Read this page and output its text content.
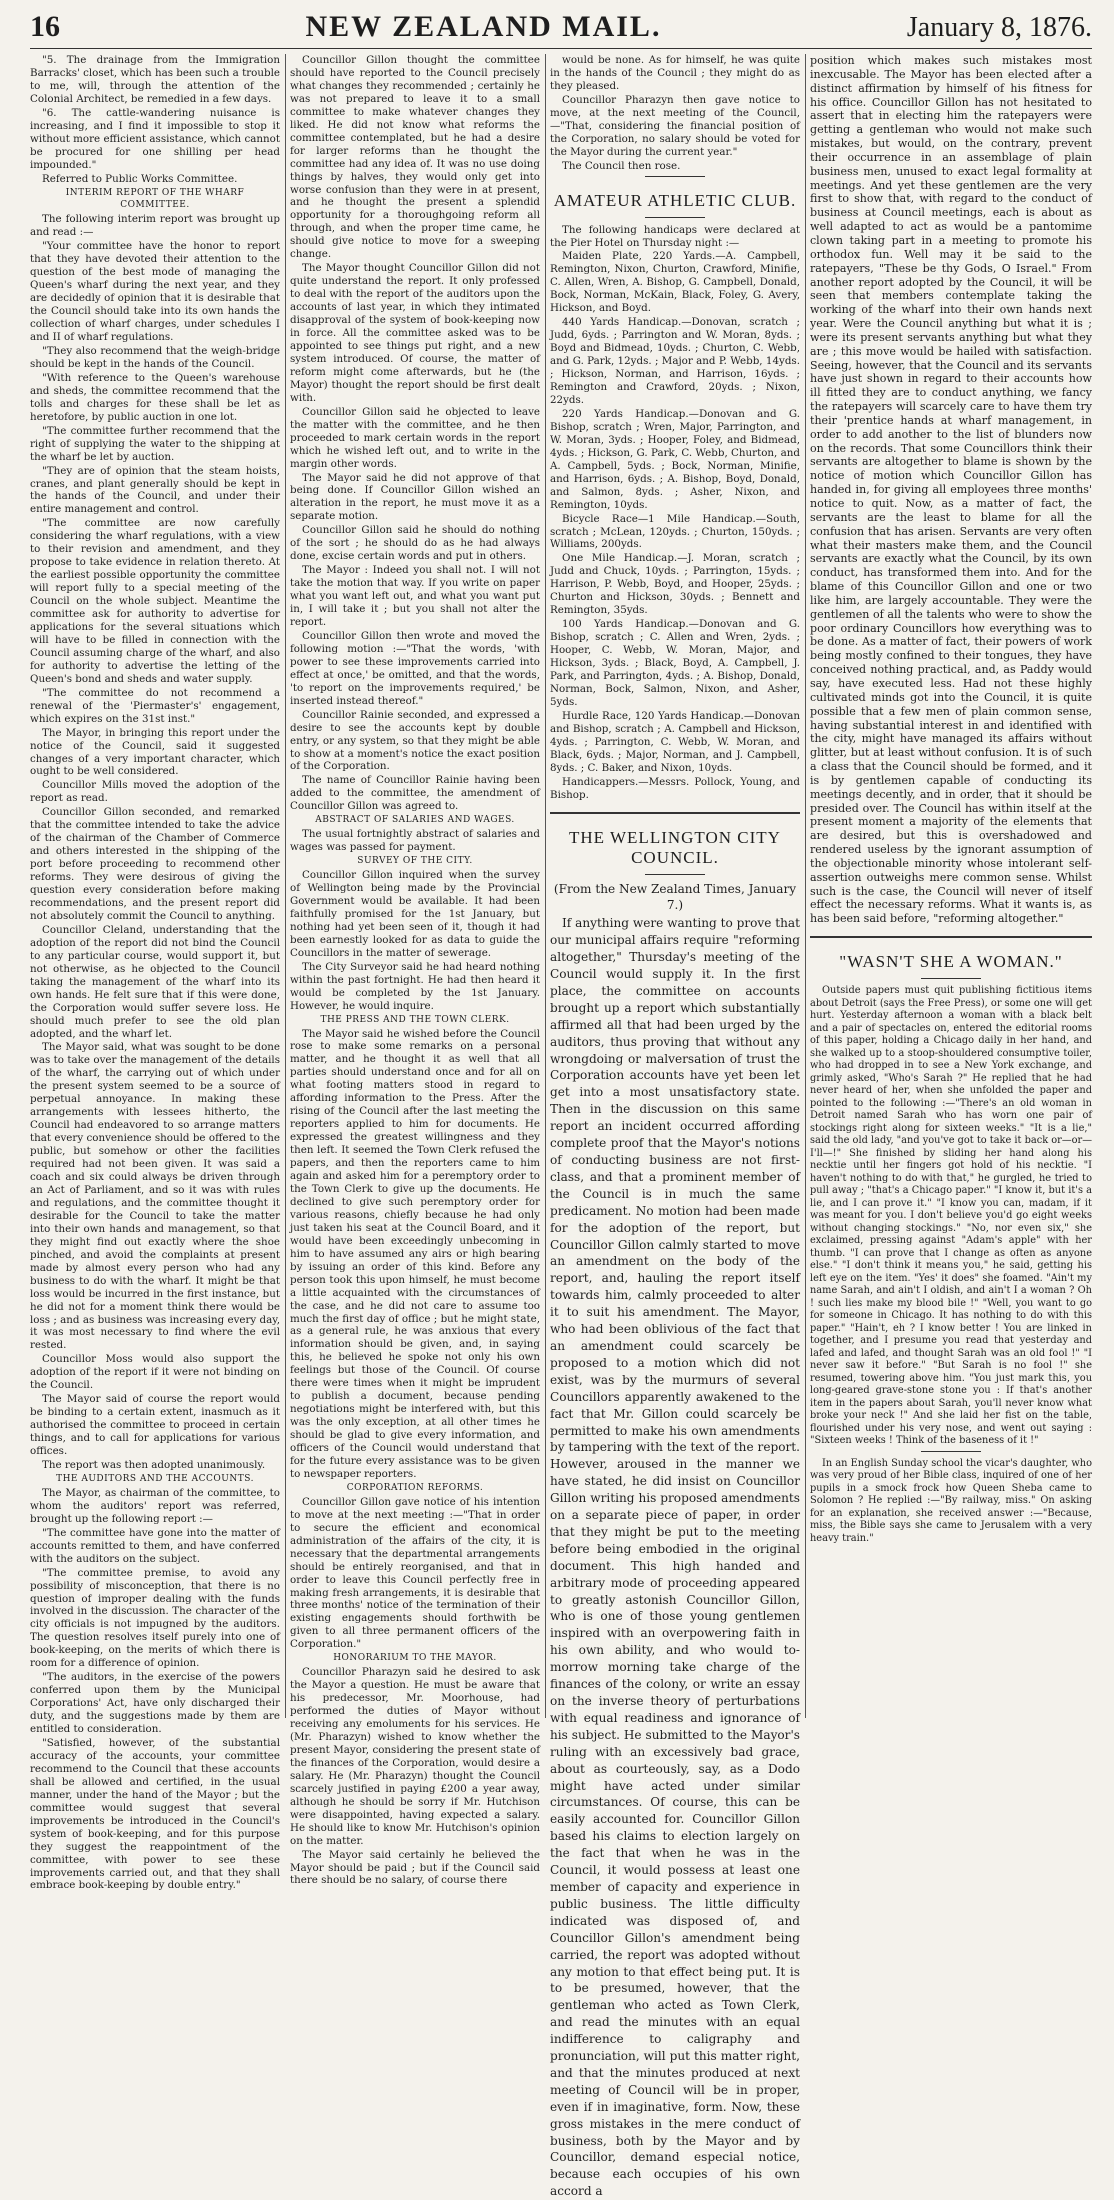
16	NEW ZEALAND MAIL.	January 8, 1876.

"5. The drainage from the Immigration Barracks' closet, which has been such a trouble to me, will, through the attention of the Colonial Architect, be remedied in a few days.

"6. The cattle-wandering nuisance is increasing, and I find it impossible to stop it without more efficient assistance, which cannot be procured for one shilling per head impounded."

Referred to Public Works Committee.

INTERIM REPORT OF THE WHARF COMMITTEE.

The following interim report was brought up and read :—

"Your committee have the honor to report that they have devoted their attention to the question of the best mode of managing the Queen's wharf during the next year, and they are decidedly of opinion that it is desirable that the Council should take into its own hands the collection of wharf charges, under schedules I and II of wharf regulations.

"They also recommend that the weigh-bridge should be kept in the hands of the Council.

"With reference to the Queen's warehouse and sheds, the committee recommend that the tolls and charges for these shall be let as heretofore, by public auction in one lot.

"The committee further recommend that the right of supplying the water to the shipping at the wharf be let by auction.

"They are of opinion that the steam hoists, cranes, and plant generally should be kept in the hands of the Council, and under their entire management and control.

"The committee are now carefully considering the wharf regulations, with a view to their revision and amendment, and they propose to take evidence in relation thereto. At the earliest possible opportunity the committee will report fully to a special meeting of the Council on the whole subject. Meantime the committee ask for authority to advertise for applications for the several situations which will have to be filled in connection with the Council assuming charge of the wharf, and also for authority to advertise the letting of the Queen's bond and sheds and water supply.

"The committee do not recommend a renewal of the 'Piermaster's' engagement, which expires on the 31st inst."

The Mayor, in bringing this report under the notice of the Council, said it suggested changes of a very important character, which ought to be well considered.

Councillor Mills moved the adoption of the report as read.

Councillor Gillon seconded, and remarked that the committee intended to take the advice of the chairman of the Chamber of Commerce and others interested in the shipping of the port before proceeding to recommend other reforms. They were desirous of giving the question every consideration before making recommendations, and the present report did not absolutely commit the Council to anything.

Councillor Cleland, understanding that the adoption of the report did not bind the Council to any particular course, would support it, but not otherwise, as he objected to the Council taking the management of the wharf into its own hands. He felt sure that if this were done, the Corporation would suffer severe loss. He should much prefer to see the old plan adopted, and the wharf let.

The Mayor said, what was sought to be done was to take over the management of the details of the wharf, the carrying out of which under the present system seemed to be a source of perpetual annoyance. In making these arrangements with lessees hitherto, the Council had endeavored to so arrange matters that every convenience should be offered to the public, but somehow or other the facilities required had not been given. It was said a coach and six could always be driven through an Act of Parliament, and so it was with rules and regulations, and the committee thought it desirable for the Council to take the matter into their own hands and management, so that they might find out exactly where the shoe pinched, and avoid the complaints at present made by almost every person who had any business to do with the wharf. It might be that loss would be incurred in the first instance, but he did not for a moment think there would be loss ; and as business was increasing every day, it was most necessary to find where the evil rested.

Councillor Moss would also support the adoption of the report if it were not binding on the Council.

The Mayor said of course the report would be binding to a certain extent, inasmuch as it authorised the committee to proceed in certain things, and to call for applications for various offices.

The report was then adopted unanimously.

THE AUDITORS AND THE ACCOUNTS.

The Mayor, as chairman of the committee, to whom the auditors' report was referred, brought up the following report :—

"The committee have gone into the matter of accounts remitted to them, and have conferred with the auditors on the subject.

"The committee premise, to avoid any possibility of misconception, that there is no question of improper dealing with the funds involved in the discussion. The character of the city officials is not impugned by the auditors. The question resolves itself purely into one of book-keeping, on the merits of which there is room for a difference of opinion.

"The auditors, in the exercise of the powers conferred upon them by the Municipal Corporations' Act, have only discharged their duty, and the suggestions made by them are entitled to consideration.

"Satisfied, however, of the substantial accuracy of the accounts, your committee recommend to the Council that these accounts shall be allowed and certified, in the usual manner, under the hand of the Mayor ; but the committee would suggest that several improvements be introduced in the Council's system of book-keeping, and for this purpose they suggest the reappointment of the committee, with power to see these improvements carried out, and that they shall embrace book-keeping by double entry."

Councillor Gillon thought the committee should have reported to the Council precisely what changes they recommended ; certainly he was not prepared to leave it to a small committee to make whatever changes they liked. He did not know what reforms the committee contemplated, but he had a desire for larger reforms than he thought the committee had any idea of. It was no use doing things by halves, they would only get into worse confusion than they were in at present, and he thought the present a splendid opportunity for a thoroughgoing reform all through, and when the proper time came, he should give notice to move for a sweeping change.

The Mayor thought Councillor Gillon did not quite understand the report. It only professed to deal with the report of the auditors upon the accounts of last year, in which they intimated disapproval of the system of book-keeping now in force. All the committee asked was to be appointed to see things put right, and a new system introduced. Of course, the matter of reform might come afterwards, but he (the Mayor) thought the report should be first dealt with.

Councillor Gillon said he objected to leave the matter with the committee, and he then proceeded to mark certain words in the report which he wished left out, and to write in the margin other words.

The Mayor said he did not approve of that being done. If Councillor Gillon wished an alteration in the report, he must move it as a separate motion.

Councillor Gillon said he should do nothing of the sort ; he should do as he had always done, excise certain words and put in others.

The Mayor : Indeed you shall not. I will not take the motion that way. If you write on paper what you want left out, and what you want put in, I will take it ; but you shall not alter the report.

Councillor Gillon then wrote and moved the following motion :—"That the words, 'with power to see these improvements carried into effect at once,' be omitted, and that the words, 'to report on the improvements required,' be inserted instead thereof."

Councillor Rainie seconded, and expressed a desire to see the accounts kept by double entry, or any system, so that they might be able to show at a moment's notice the exact position of the Corporation.

The name of Councillor Rainie having been added to the committee, the amendment of Councillor Gillon was agreed to.

ABSTRACT OF SALARIES AND WAGES.

The usual fortnightly abstract of salaries and wages was passed for payment.

SURVEY OF THE CITY.

Councillor Gillon inquired when the survey of Wellington being made by the Provincial Government would be available. It had been faithfully promised for the 1st January, but nothing had yet been seen of it, though it had been earnestly looked for as data to guide the Councillors in the matter of sewerage.

The City Surveyor said he had heard nothing within the past fortnight. He had then heard it would be completed by the 1st January. However, he would inquire.

THE PRESS AND THE TOWN CLERK.

The Mayor said he wished before the Council rose to make some remarks on a personal matter, and he thought it as well that all parties should understand once and for all on what footing matters stood in regard to affording information to the Press. After the rising of the Council after the last meeting the reporters applied to him for documents. He expressed the greatest willingness and they then left. It seemed the Town Clerk refused the papers, and then the reporters came to him again and asked him for a peremptory order to the Town Clerk to give up the documents. He declined to give such peremptory order for various reasons, chiefly because he had only just taken his seat at the Council Board, and it would have been exceedingly unbecoming in him to have assumed any airs or high bearing by issuing an order of this kind. Before any person took this upon himself, he must become a little acquainted with the circumstances of the case, and he did not care to assume too much the first day of office ; but he might state, as a general rule, he was anxious that every information should be given, and, in saying this, he believed he spoke not only his own feelings but those of the Council. Of course there were times when it might be imprudent to publish a document, because pending negotiations might be interfered with, but this was the only exception, at all other times he should be glad to give every information, and officers of the Council would understand that for the future every assistance was to be given to newspaper reporters.

CORPORATION REFORMS.

Councillor Gillon gave notice of his intention to move at the next meeting :—"That in order to secure the efficient and economical administration of the affairs of the city, it is necessary that the departmental arrangements should be entirely reorganised, and that in order to leave this Council perfectly free in making fresh arrangements, it is desirable that three months' notice of the termination of their existing engagements should forthwith be given to all three permanent officers of the Corporation."

HONORARIUM TO THE MAYOR.

Councillor Pharazyn said he desired to ask the Mayor a question. He must be aware that his predecessor, Mr. Moorhouse, had performed the duties of Mayor without receiving any emoluments for his services. He (Mr. Pharazyn) wished to know whether the present Mayor, considering the present state of the finances of the Corporation, would desire a salary. He (Mr. Pharazyn) thought the Council scarcely justified in paying £200 a year away, although he should be sorry if Mr. Hutchison were disappointed, having expected a salary. He should like to know Mr. Hutchison's opinion on the matter.

The Mayor said certainly he believed the Mayor should be paid ; but if the Council said there should be no salary, of course there

would be none. As for himself, he was quite in the hands of the Council ; they might do as they pleased.

Councillor Pharazyn then gave notice to move, at the next meeting of the Council,—"That, considering the financial position of the Corporation, no salary should be voted for the Mayor during the current year."

The Council then rose.

AMATEUR ATHLETIC CLUB.

The following handicaps were declared at the Pier Hotel on Thursday night :—

Maiden Plate, 220 Yards.—A. Campbell, Remington, Nixon, Churton, Crawford, Minifie, C. Allen, Wren, A. Bishop, G. Campbell, Donald, Bock, Norman, McKain, Black, Foley, G. Avery, Hickson, and Boyd.

440 Yards Handicap.—Donovan, scratch ; Judd, 6yds. ; Parrington and W. Moran, 8yds. ; Boyd and Bidmead, 10yds. ; Churton, C. Webb, and G. Park, 12yds. ; Major and P. Webb, 14yds. ; Hickson, Norman, and Harrison, 16yds. ; Remington and Crawford, 20yds. ; Nixon, 22yds.

220 Yards Handicap.—Donovan and G. Bishop, scratch ; Wren, Major, Parrington, and W. Moran, 3yds. ; Hooper, Foley, and Bidmead, 4yds. ; Hickson, G. Park, C. Webb, Churton, and A. Campbell, 5yds. ; Bock, Norman, Minifie, and Harrison, 6yds. ; A. Bishop, Boyd, Donald, and Salmon, 8yds. ; Asher, Nixon, and Remington, 10yds.

Bicycle Race—1 Mile Handicap.—South, scratch ; McLean, 120yds. ; Churton, 150yds. ; Williams, 200yds.

One Mile Handicap.—J. Moran, scratch ; Judd and Chuck, 10yds. ; Parrington, 15yds. ; Harrison, P. Webb, Boyd, and Hooper, 25yds. ; Churton and Hickson, 30yds. ; Bennett and Remington, 35yds.

100 Yards Handicap.—Donovan and G. Bishop, scratch ; C. Allen and Wren, 2yds. ; Hooper, C. Webb, W. Moran, Major, and Hickson, 3yds. ; Black, Boyd, A. Campbell, J. Park, and Parrington, 4yds. ; A. Bishop, Donald, Norman, Bock, Salmon, Nixon, and Asher, 5yds.

Hurdle Race, 120 Yards Handicap.—Donovan and Bishop, scratch ; A. Campbell and Hickson, 4yds. ; Parrington, C. Webb, W. Moran, and Black, 6yds. ; Major, Norman, and J. Campbell, 8yds. ; C. Baker, and Nixon, 10yds.

Handicappers.—Messrs. Pollock, Young, and Bishop.

THE WELLINGTON CITY COUNCIL.

(From the New Zealand Times, January 7.)

If anything were wanting to prove that our municipal affairs require "reforming altogether," Thursday's meeting of the Council would supply it. In the first place, the committee on accounts brought up a report which substantially affirmed all that had been urged by the auditors, thus proving that without any wrongdoing or malversation of trust the Corporation accounts have yet been let get into a most unsatisfactory state. Then in the discussion on this same report an incident occurred affording complete proof that the Mayor's notions of conducting business are not first-class, and that a prominent member of the Council is in much the same predicament. No motion had been made for the adoption of the report, but Councillor Gillon calmly started to move an amendment on the body of the report, and, hauling the report itself towards him, calmly proceeded to alter it to suit his amendment. The Mayor, who had been oblivious of the fact that an amendment could scarcely be proposed to a motion which did not exist, was by the murmurs of several Councillors apparently awakened to the fact that Mr. Gillon could scarcely be permitted to make his own amendments by tampering with the text of the report. However, aroused in the manner we have stated, he did insist on Councillor Gillon writing his proposed amendments on a separate piece of paper, in order that they might be put to the meeting before being embodied in the original document. This high handed and arbitrary mode of proceeding appeared to greatly astonish Councillor Gillon, who is one of those young gentlemen inspired with an overpowering faith in his own ability, and who would to-morrow morning take charge of the finances of the colony, or write an essay on the inverse theory of perturbations with equal readiness and ignorance of his subject. He submitted to the Mayor's ruling with an excessively bad grace, about as courteously, say, as a Dodo might have acted under similar circumstances. Of course, this can be easily accounted for. Councillor Gillon based his claims to election largely on the fact that when he was in the Council, it would possess at least one member of capacity and experience in public business. The little difficulty indicated was disposed of, and Councillor Gillon's amendment being carried, the report was adopted without any motion to that effect being put. It is to be presumed, however, that the gentleman who acted as Town Clerk, and read the minutes with an equal indifference to caligraphy and pronunciation, will put this matter right, and that the minutes produced at next meeting of Council will be in proper, even if in imaginative, form. Now, these gross mistakes in the mere conduct of business, both by the Mayor and by Councillor, demand especial notice, because each occupies of his own accord a

position which makes such mistakes most inexcusable. The Mayor has been elected after a distinct affirmation by himself of his fitness for his office. Councillor Gillon has not hesitated to assert that in electing him the ratepayers were getting a gentleman who would not make such mistakes, but would, on the contrary, prevent their occurrence in an assemblage of plain business men, unused to exact legal formality at meetings. And yet these gentlemen are the very first to show that, with regard to the conduct of business at Council meetings, each is about as well adapted to act as would be a pantomime clown taking part in a meeting to promote his orthodox fun. Well may it be said to the ratepayers, "These be thy Gods, O Israel." From another report adopted by the Council, it will be seen that members contemplate taking the working of the wharf into their own hands next year. Were the Council anything but what it is ; were its present servants anything but what they are ; this move would be hailed with satisfaction. Seeing, however, that the Council and its servants have just shown in regard to their accounts how ill fitted they are to conduct anything, we fancy the ratepayers will scarcely care to have them try their 'prentice hands at wharf management, in order to add another to the list of blunders now on the records. That some Councillors think their servants are altogether to blame is shown by the notice of motion which Councillor Gillon has handed in, for giving all employees three months' notice to quit. Now, as a matter of fact, the servants are the least to blame for all the confusion that has arisen. Servants are very often what their masters make them, and the Council servants are exactly what the Council, by its own conduct, has transformed them into. And for the blame of this Councillor Gillon and one or two like him, are largely accountable. They were the gentlemen of all the talents who were to show the poor ordinary Councillors how everything was to be done. As a matter of fact, their powers of work being mostly confined to their tongues, they have conceived nothing practical, and, as Paddy would say, have executed less. Had not these highly cultivated minds got into the Council, it is quite possible that a few men of plain common sense, having substantial interest in and identified with the city, might have managed its affairs without glitter, but at least without confusion. It is of such a class that the Council should be formed, and it is by gentlemen capable of conducting its meetings decently, and in order, that it should be presided over. The Council has within itself at the present moment a majority of the elements that are desired, but this is overshadowed and rendered useless by the ignorant assumption of the objectionable minority whose intolerant self-assertion outweighs mere common sense. Whilst such is the case, the Council will never of itself effect the necessary reforms. What it wants is, as has been said before, "reforming altogether."

"WASN'T SHE A WOMAN."

Outside papers must quit publishing fictitious items about Detroit (says the Free Press), or some one will get hurt. Yesterday afternoon a woman with a black belt and a pair of spectacles on, entered the editorial rooms of this paper, holding a Chicago daily in her hand, and she walked up to a stoop-shouldered consumptive toiler, who had dropped in to see a New York exchange, and grimly asked, "Who's Sarah ?" He replied that he had never heard of her, when she unfolded the paper and pointed to the following :—"There's an old woman in Detroit named Sarah who has worn one pair of stockings right along for sixteen weeks." "It is a lie," said the old lady, "and you've got to take it back or—or—I'll—!" She finished by sliding her hand along his necktie until her fingers got hold of his necktie. "I haven't nothing to do with that," he gurgled, he tried to pull away ; "that's a Chicago paper." "I know it, but it's a lie, and I can prove it." "I know you can, madam, if it was meant for you. I don't believe you'd go eight weeks without changing stockings." "No, nor even six," she exclaimed, pressing against "Adam's apple" with her thumb. "I can prove that I change as often as anyone else." "I don't think it means you," he said, getting his left eye on the item. "Yes' it does" she foamed. "Ain't my name Sarah, and ain't I oldish, and ain't I a woman ? Oh ! such lies make my blood bile !" "Well, you want to go for someone in Chicago. It has nothing to do with this paper." "Hain't, eh ? I know better ! You are linked in together, and I presume you read that yesterday and lafed and lafed, and thought Sarah was an old fool !" "I never saw it before." "But Sarah is no fool !" she resumed, towering above him. "You just mark this, you long-geared grave-stone stone you : If that's another item in the papers about Sarah, you'll never know what broke your neck !" And she laid her fist on the table, flourished under his very nose, and went out saying : "Sixteen weeks ! Think of the baseness of it !"

In an English Sunday school the vicar's daughter, who was very proud of her Bible class, inquired of one of her pupils in a smock frock how Queen Sheba came to Solomon ? He replied :—"By railway, miss." On asking for an explanation, she received answer :—"Because, miss, the Bible says she came to Jerusalem with a very heavy train."
